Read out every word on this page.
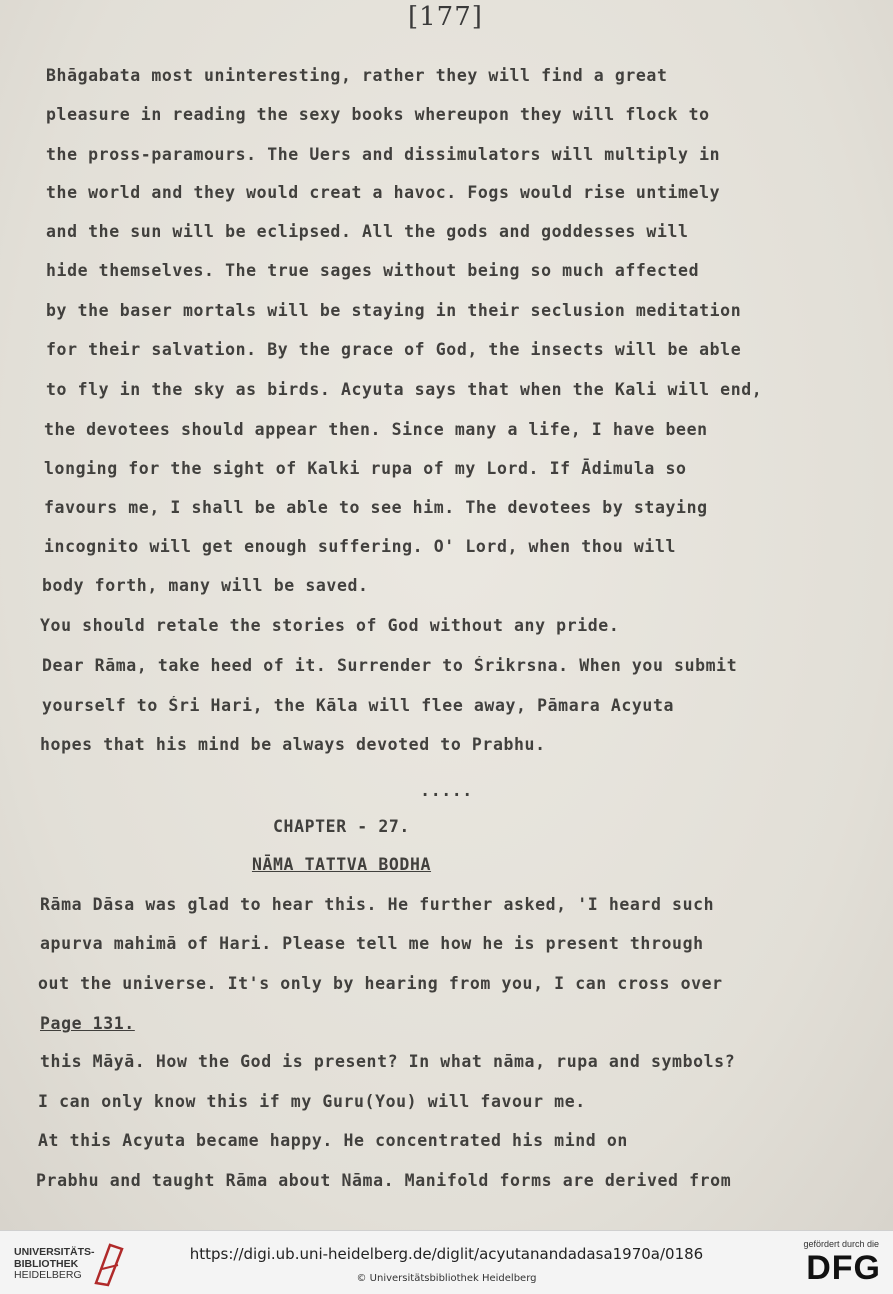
[177]
Bhāgabata most uninteresting, rather they will find a great
pleasure in reading the sexy books whereupon they will flock to
the pross-paramours. The Uers and dissimulators will multiply in
the world and they would creat a havoc. Fogs would rise untimely
and the sun will be eclipsed. All the gods and goddesses will
hide themselves. The true sages without being so much affected
by the baser mortals will be staying in their seclusion meditation
for their salvation. By the grace of God, the insects will be able
to fly in the sky as birds. Acyuta says that when the Kali will end,
the devotees should appear then. Since many a life, I have been
longing for the sight of Kalki rupa of my Lord. If Ādimula so
favours me, I shall be able to see him. The devotees by staying
incognito will get enough suffering. O' Lord, when thou will
body forth, many will be saved.
You should retale the stories of God without any pride.
Dear Rāma, take heed of it. Surrender to Śrikrsna. When you submit
yourself to Śri Hari, the Kāla will flee away, Pāmara Acyuta
hopes that his mind be always devoted to Prabhu.
.....
CHAPTER - 27.
NĀMA TATTVA BODHA
Rāma Dāsa was glad to hear this. He further asked, 'I heard such
apurva mahimā of Hari. Please tell me how he is present through
out the universe. It's only by hearing from you, I can cross over
Page 131.
this Māyā. How the God is present? In what nāma, rupa and symbols?
I can only know this if my Guru(You) will favour me.
At this Acyuta became happy. He concentrated his mind on
Prabhu and taught Rāma about Nāma. Manifold forms are derived from
UNIVERSITÄTS-
BIBLIOTHEK
HEIDELBERG
https://digi.ub.uni-heidelberg.de/diglit/acyutanandadasa1970a/0186
© Universitätsbibliothek Heidelberg
gefördert durch die
DFG
